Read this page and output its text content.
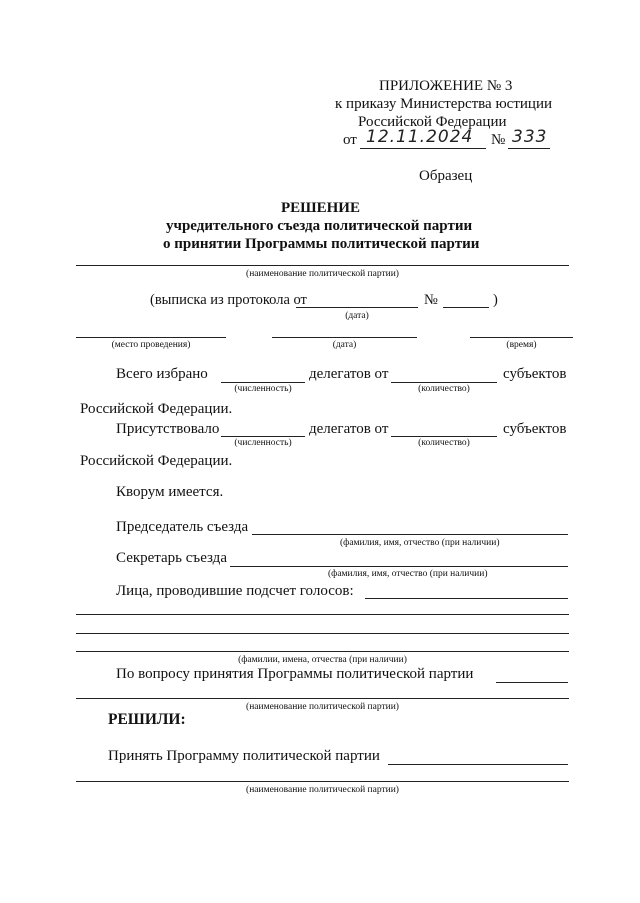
ПРИЛОЖЕНИЕ № 3
к приказу Министерства юстиции
Российской Федерации
от 12.11.2024 № 333
Образец
РЕШЕНИЕ
учредительного съезда политической партии
о принятии Программы политической партии
(наименование политической партии)
(выписка из протокола от
(дата)
№	)
(место проведения)	(дата)	(время)
Всего избрано
(численность)
делегатов от
(количество)
субъектов
Российской Федерации.
Присутствовало
(численность)
делегатов от
(количество)
субъектов
Российской Федерации.
Кворум имеется.
Председатель съезда
(фамилия, имя, отчество (при наличии)
Секретарь съезда
(фамилия, имя, отчество (при наличии)
Лица, проводившие подсчет голосов:
(фамилии, имена, отчества (при наличии)
По вопросу принятия Программы политической партии
(наименование политической партии)
РЕШИЛИ:
Принять Программу политической партии
(наименование политической партии)
